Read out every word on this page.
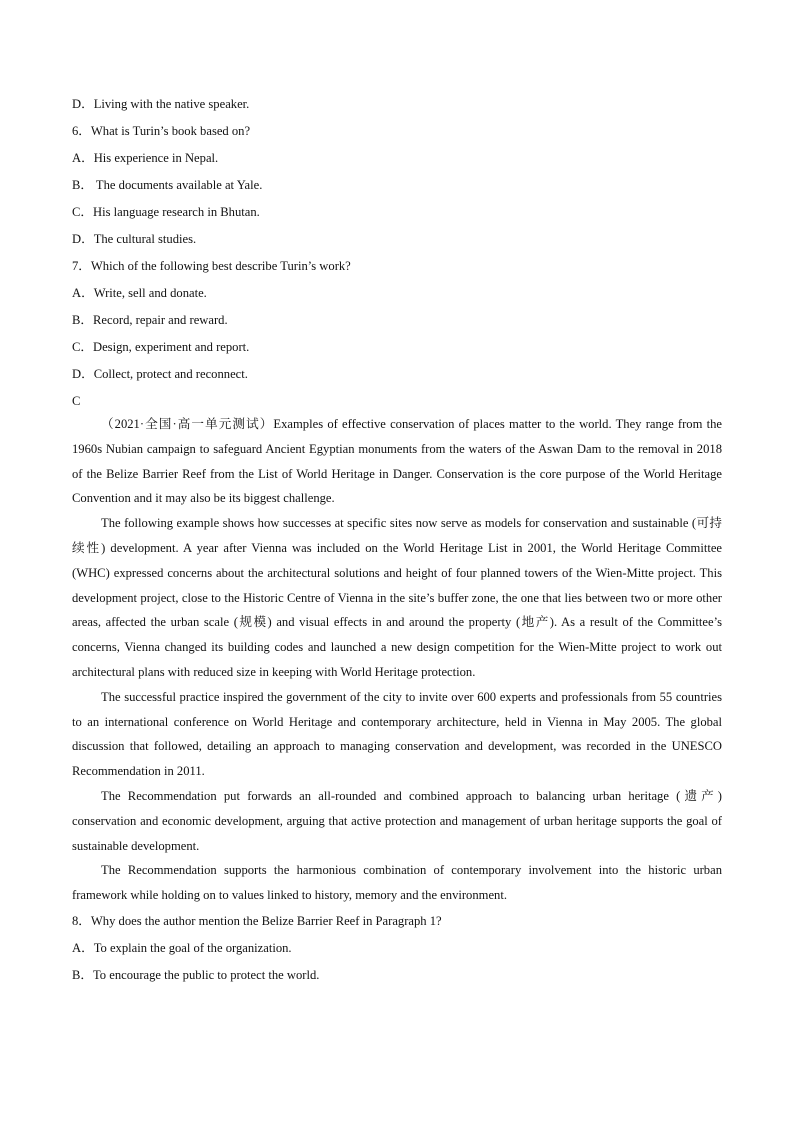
D．Living with the native speaker.

6．What is Turin’s book based on?

A．His experience in Nepal.

B． The documents available at Yale.

C．His language research in Bhutan.

D．The cultural studies.

7．Which of the following best describe Turin’s work?

A．Write, sell and donate.

B．Record, repair and reward.

C．Design, experiment and report.

D．Collect, protect and reconnect.

C

（2021·全国·高一单元测试）Examples of effective conservation of places matter to the world. They range from the 1960s Nubian campaign to safeguard Ancient Egyptian monuments from the waters of the Aswan Dam to the removal in 2018 of the Belize Barrier Reef from the List of World Heritage in Danger. Conservation is the core purpose of the World Heritage Convention and it may also be its biggest challenge.

The following example shows how successes at specific sites now serve as models for conservation and sustainable (可持续性) development. A year after Vienna was included on the World Heritage List in 2001, the World Heritage Committee (WHC) expressed concerns about the architectural solutions and height of four planned towers of the Wien-Mitte project. This development project, close to the Historic Centre of Vienna in the site’s buffer zone, the one that lies between two or more other areas, affected the urban scale (规模) and visual effects in and around the property (地产). As a result of the Committee’s concerns, Vienna changed its building codes and launched a new design competition for the Wien-Mitte project to work out architectural plans with reduced size in keeping with World Heritage protection.

The successful practice inspired the government of the city to invite over 600 experts and professionals from 55 countries to an international conference on World Heritage and contemporary architecture, held in Vienna in May 2005. The global discussion that followed, detailing an approach to managing conservation and development, was recorded in the UNESCO Recommendation in 2011.

The Recommendation put forwards an all-rounded and combined approach to balancing urban heritage (遗产) conservation and economic development, arguing that active protection and management of urban heritage supports the goal of sustainable development.

The Recommendation supports the harmonious combination of contemporary involvement into the historic urban framework while holding on to values linked to history, memory and the environment.

8．Why does the author mention the Belize Barrier Reef in Paragraph 1?

A．To explain the goal of the organization.

B．To encourage the public to protect the world.
